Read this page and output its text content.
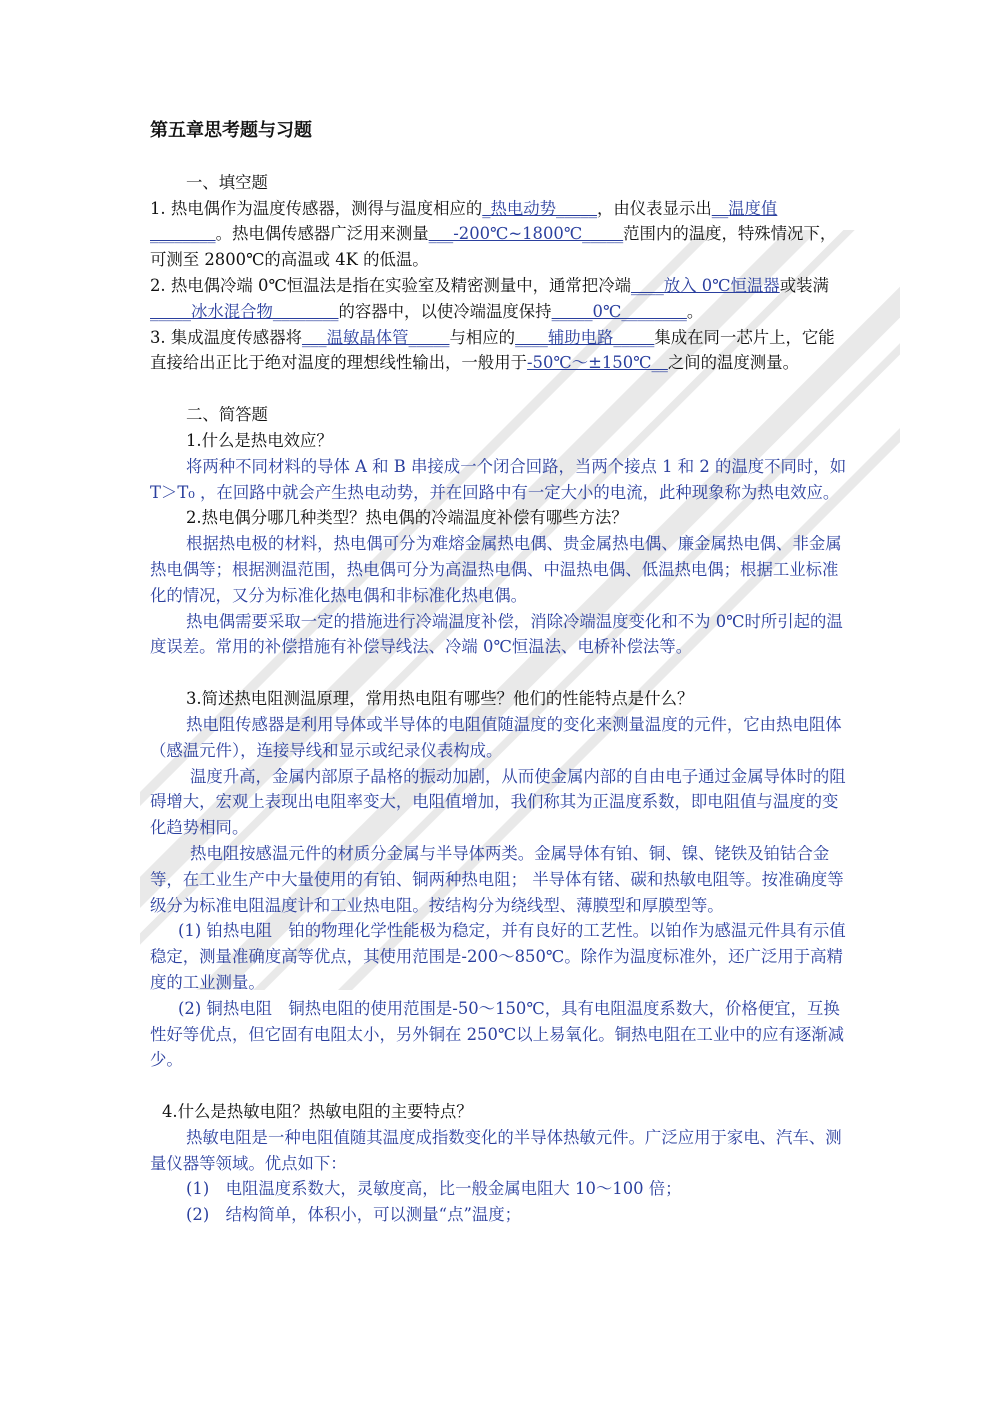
第五章思考题与习题

一、填空题

1. 热电偶作为温度传感器，测得与温度相应的_热电动势_____，由仪表显示出__温度值________。热电偶传感器广泛用来测量___-200℃~1800℃_____范围内的温度，特殊情况下，可测至 2800℃的高温或 4K 的低温。

2. 热电偶冷端 0℃恒温法是指在实验室及精密测量中，通常把冷端____放入 0℃恒温器或装满_____冰水混合物________的容器中，以使冷端温度保持_____0℃________。

3. 集成温度传感器将___温敏晶体管_____与相应的____辅助电路_____集成在同一芯片上，它能直接给出正比于绝对温度的理想线性输出，一般用于-50℃～±150℃__之间的温度测量。

二、简答题

1.什么是热电效应？

将两种不同材料的导体 A 和 B 串接成一个闭合回路，当两个接点 1 和 2 的温度不同时，如 T＞T₀ ，在回路中就会产生热电动势，并在回路中有一定大小的电流，此种现象称为热电效应。

2.热电偶分哪几种类型？热电偶的冷端温度补偿有哪些方法？

根据热电极的材料，热电偶可分为难熔金属热电偶、贵金属热电偶、廉金属热电偶、非金属热电偶等；根据测温范围，热电偶可分为高温热电偶、中温热电偶、低温热电偶；根据工业标准化的情况，又分为标准化热电偶和非标准化热电偶。

热电偶需要采取一定的措施进行冷端温度补偿，消除冷端温度变化和不为 0℃时所引起的温度误差。常用的补偿措施有补偿导线法、冷端 0℃恒温法、电桥补偿法等。

3.简述热电阻测温原理，常用热电阻有哪些？他们的性能特点是什么？

热电阻传感器是利用导体或半导体的电阻值随温度的变化来测量温度的元件，它由热电阻体（感温元件），连接导线和显示或纪录仪表构成。

温度升高，金属内部原子晶格的振动加剧，从而使金属内部的自由电子通过金属导体时的阻碍增大，宏观上表现出电阻率变大，电阻值增加，我们称其为正温度系数，即电阻值与温度的变化趋势相同。

热电阻按感温元件的材质分金属与半导体两类。金属导体有铂、铜、镍、铑铁及铂钴合金等，在工业生产中大量使用的有铂、铜两种热电阻； 半导体有锗、碳和热敏电阻等。按准确度等级分为标准电阻温度计和工业热电阻。按结构分为绕线型、薄膜型和厚膜型等。

(1) 铂热电阻　铂的物理化学性能极为稳定，并有良好的工艺性。以铂作为感温元件具有示值稳定，测量准确度高等优点，其使用范围是-200～850℃。除作为温度标准外，还广泛用于高精度的工业测量。

(2) 铜热电阻　铜热电阻的使用范围是-50～150℃，具有电阻温度系数大，价格便宜，互换性好等优点，但它固有电阻太小，另外铜在 250℃以上易氧化。铜热电阻在工业中的应有逐渐减少。

4.什么是热敏电阻？热敏电阻的主要特点？

热敏电阻是一种电阻值随其温度成指数变化的半导体热敏元件。广泛应用于家电、汽车、测量仪器等领域。优点如下：

(1)　电阻温度系数大，灵敏度高，比一般金属电阻大 10～100 倍；

(2)　结构简单，体积小，可以测量“点”温度；
